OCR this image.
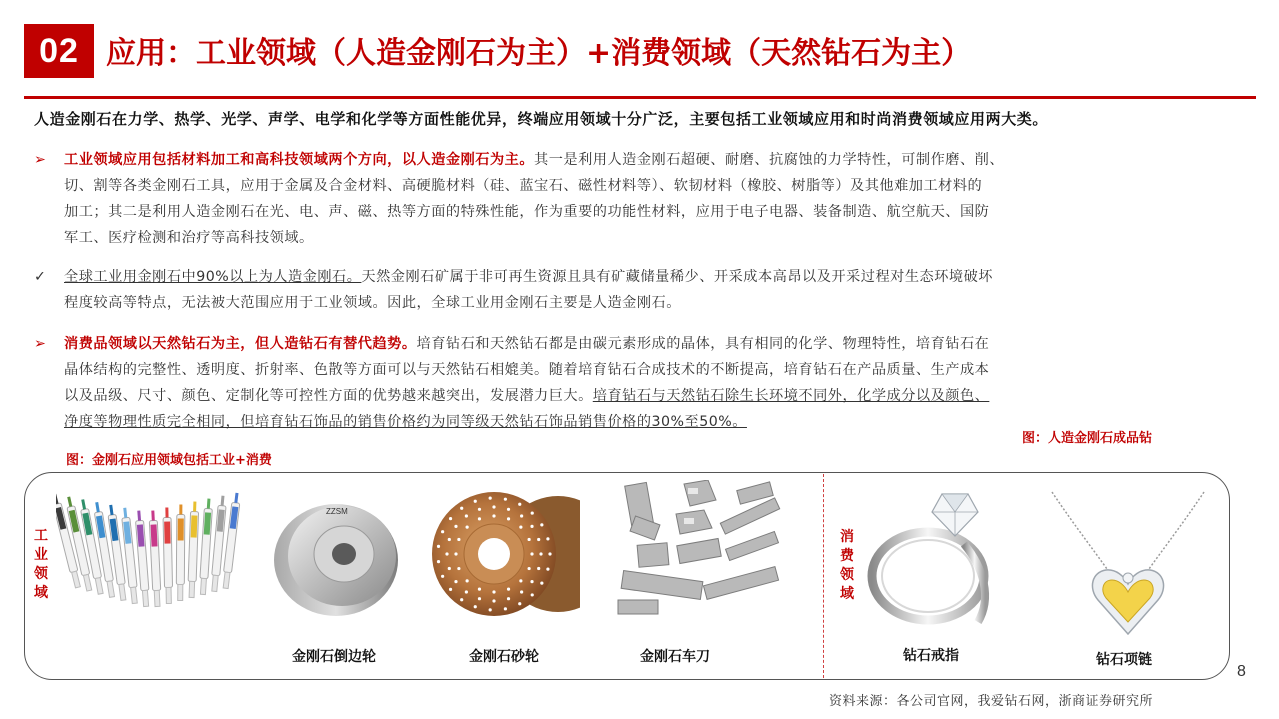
02 应用：工业领域（人造金刚石为主）+消费领域（天然钻石为主）
人造金刚石在力学、热学、光学、声学、电学和化学等方面性能优异，终端应用领域十分广泛，主要包括工业领域应用和时尚消费领域应用两大类。
➢ 工业领域应用包括材料加工和高科技领域两个方向，以人造金刚石为主。其一是利用人造金刚石超硬、耐磨、抗腐蚀的力学特性，可制作磨、削、
切、割等各类金刚石工具，应用于金属及合金材料、高硬脆材料（硅、蓝宝石、磁性材料等）、软韧材料（橡胶、树脂等）及其他难加工材料的
加工；其二是利用人造金刚石在光、电、声、磁、热等方面的特殊性能，作为重要的功能性材料，应用于电子电器、装备制造、航空航天、国防
军工、医疗检测和治疗等高科技领域。
✓ 全球工业用金刚石中90%以上为人造金刚石。天然金刚石矿属于非可再生资源且具有矿藏储量稀少、开采成本高昂以及开采过程对生态环境破坏
程度较高等特点，无法被大范围应用于工业领域。因此，全球工业用金刚石主要是人造金刚石。
➢ 消费品领域以天然钻石为主，但人造钻石有替代趋势。培育钻石和天然钻石都是由碳元素形成的晶体，具有相同的化学、物理特性，培育钻石在
晶体结构的完整性、透明度、折射率、色散等方面可以与天然钻石相媲美。随着培育钻石合成技术的不断提高，培育钻石在产品质量、生产成本
以及品级、尺寸、颜色、定制化等可控性方面的优势越来越突出，发展潜力巨大。培育钻石与天然钻石除生长环境不同外，化学成分以及颜色、
净度等物理性质完全相同，但培育钻石饰品的销售价格约为同等级天然钻石饰品销售价格的30%至50%。
图：金刚石应用领域包括工业+消费
图：人造金刚石成品钻
工业领域
消费领域
ZZSM
金刚石倒边轮	金刚石砂轮	金刚石车刀	钻石戒指	钻石项链
8
资料来源：各公司官网，我爱钻石网，浙商证券研究所
